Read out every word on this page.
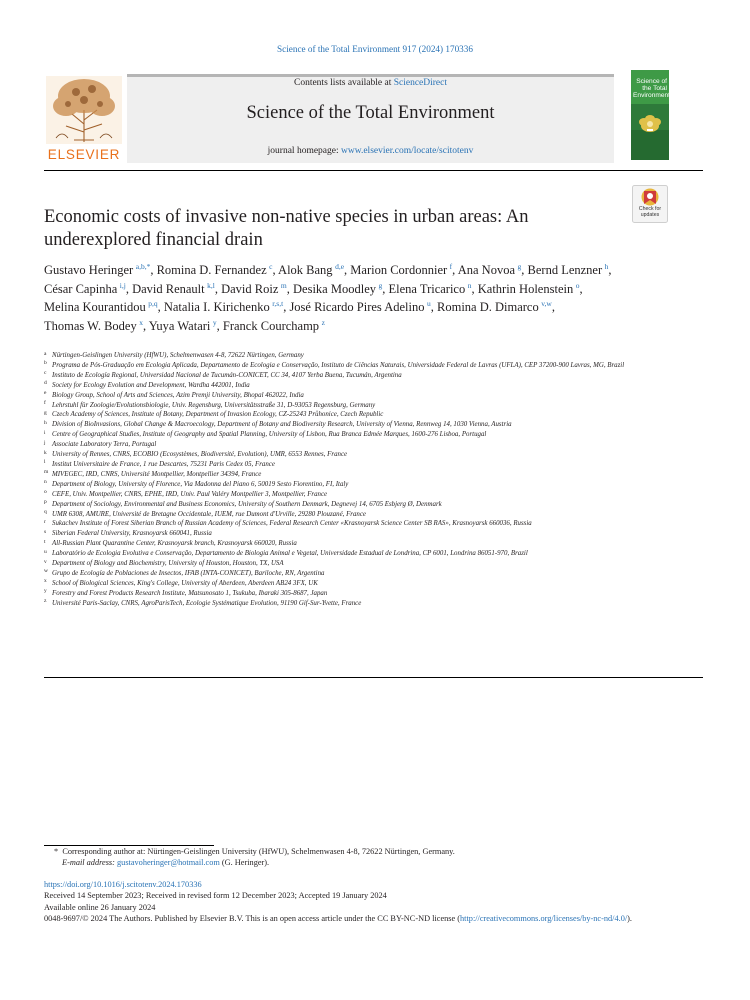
Science of the Total Environment 917 (2024) 170336
ELSEVIER
Contents lists available at ScienceDirect
Science of the Total Environment
journal homepage: www.elsevier.com/locate/scitotenv
Science of the Total Environment
Economic costs of invasive non-native species in urban areas: An underexplored financial drain
Check for updates
Gustavo Heringer  $^{a,b,*}$, Romina D. Fernandez  $^c$, Alok Bang  $^{d,e}$, Marion Cordonnier  $^f$, Ana Novoa  $^g$, Bernd Lenzner  $^h$, César Capinha  $^{i,j}$, David Renault  $^{k,l}$, David Roiz  $^m$, Desika Moodley  $^g$, Elena Tricarico  $^n$, Kathrin Holenstein  $^o$, Melina Kourantidou  $^{p,q}$, Natalia I. Kirichenko  $^{r,s,t}$, José Ricardo Pires Adelino  $^u$, Romina D. Dimarco  $^{v,w}$, Thomas W. Bodey  $^x$, Yuya Watari  $^y$, Franck Courchamp  $^z$
a Nürtingen-Geislingen University (HfWU), Schelmenwasen 4-8, 72622 Nürtingen, Germany
b Programa de Pós-Graduação em Ecologia Aplicada, Departamento de Ecologia e Conservação, Instituto de Ciências Naturais, Universidade Federal de Lavras (UFLA), CEP 37200-900 Lavras, MG, Brazil
c Instituto de Ecología Regional, Universidad Nacional de Tucumán-CONICET, CC 34, 4107 Yerba Buena, Tucumán, Argentina
d Society for Ecology Evolution and Development, Wardha 442001, India
e Biology Group, School of Arts and Sciences, Azim Premji University, Bhopal 462022, India
f Lehrstuhl für Zoologie/Evolutionsbiologie, Univ. Regensburg, Universitätsstraße 31, D-93053 Regensburg, Germany
g Czech Academy of Sciences, Institute of Botany, Department of Invasion Ecology, CZ-25243 Průhonice, Czech Republic
h Division of BioInvasions, Global Change & Macroecology, Department of Botany and Biodiversity Research, University of Vienna, Rennweg 14, 1030 Vienna, Austria
i Centre of Geographical Studies, Institute of Geography and Spatial Planning, University of Lisbon, Rua Branca Edmée Marques, 1600-276 Lisboa, Portugal
j Associate Laboratory Terra, Portugal
k University of Rennes, CNRS, ECOBIO (Ecosystèmes, Biodiversité, Evolution), UMR, 6553 Rennes, France
l Institut Universitaire de France, 1 rue Descartes, 75231 Paris Cedex 05, France
m MIVEGEC, IRD, CNRS, Université Montpellier, Montpellier 34394, France
n Department of Biology, University of Florence, Via Madonna del Piano 6, 50019 Sesto Fiorentino, FI, Italy
o CEFE, Univ. Montpellier, CNRS, EPHE, IRD, Univ. Paul Valéry Montpellier 3, Montpellier, France
p Department of Sociology, Environmental and Business Economics, University of Southern Denmark, Degnevej 14, 6705 Esbjerg Ø, Denmark
q UMR 6308, AMURE, Université de Bretagne Occidentale, IUEM, rue Dumont d'Urville, 29280 Plouzané, France
r Sukachev Institute of Forest Siberian Branch of Russian Academy of Sciences, Federal Research Center «Krasnoyarsk Science Center SB RAS», Krasnoyarsk 660036, Russia
s Siberian Federal University, Krasnoyarsk 660041, Russia
t All-Russian Plant Quarantine Center, Krasnoyarsk branch, Krasnoyarsk 660020, Russia
u Laboratório de Ecologia Evolutiva e Conservação, Departamento de Biologia Animal e Vegetal, Universidade Estadual de Londrina, CP 6001, Londrina 86051-970, Brazil
v Department of Biology and Biochemistry, University of Houston, Houston, TX, USA
w Grupo de Ecología de Poblaciones de Insectos, IFAB (INTA-CONICET), Bariloche, RN, Argentina
x School of Biological Sciences, King's College, University of Aberdeen, Aberdeen AB24 3FX, UK
y Forestry and Forest Products Research Institute, Matsunosato 1, Tsukuba, Ibaraki 305-8687, Japan
z Université Paris-Saclay, CNRS, AgroParisTech, Ecologie Systématique Evolution, 91190 Gif-Sur-Yvette, France
* Corresponding author at: Nürtingen-Geislingen University (HfWU), Schelmenwasen 4-8, 72622 Nürtingen, Germany.
E-mail address: gustavoheringer@hotmail.com (G. Heringer).
https://doi.org/10.1016/j.scitotenv.2024.170336
Received 14 September 2023; Received in revised form 12 December 2023; Accepted 19 January 2024
Available online 26 January 2024
0048-9697/© 2024 The Authors. Published by Elsevier B.V. This is an open access article under the CC BY-NC-ND license (http://creativecommons.org/licenses/by-nc-nd/4.0/).
